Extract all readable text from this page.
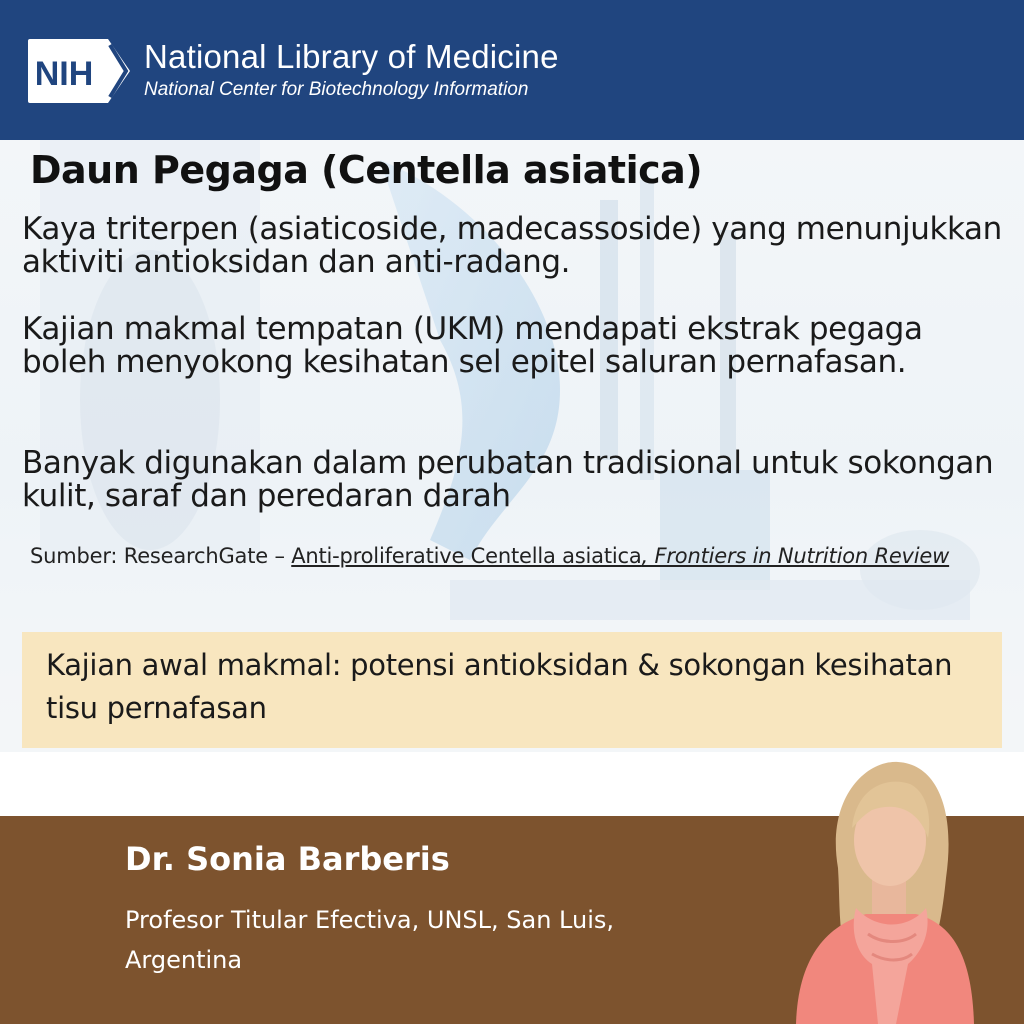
NIH National Library of Medicine

National Center for Biotechnology Information

Daun Pegaga (Centella asiatica)

Kaya triterpen (asiaticoside, madecassoside) yang menunjukkan aktiviti antioksidan dan anti-radang.

Kajian makmal tempatan (UKM) mendapati ekstrak pegaga boleh menyokong kesihatan sel epitel saluran pernafasan.

Banyak digunakan dalam perubatan tradisional untuk sokongan kulit, saraf dan peredaran darah

Sumber: ResearchGate – Anti-proliferative Centella asiatica, Frontiers in Nutrition Review

Kajian awal makmal: potensi antioksidan & sokongan kesihatan tisu pernafasan

Dr. Sonia Barberis

Profesor Titular Efectiva, UNSL, San Luis, Argentina
